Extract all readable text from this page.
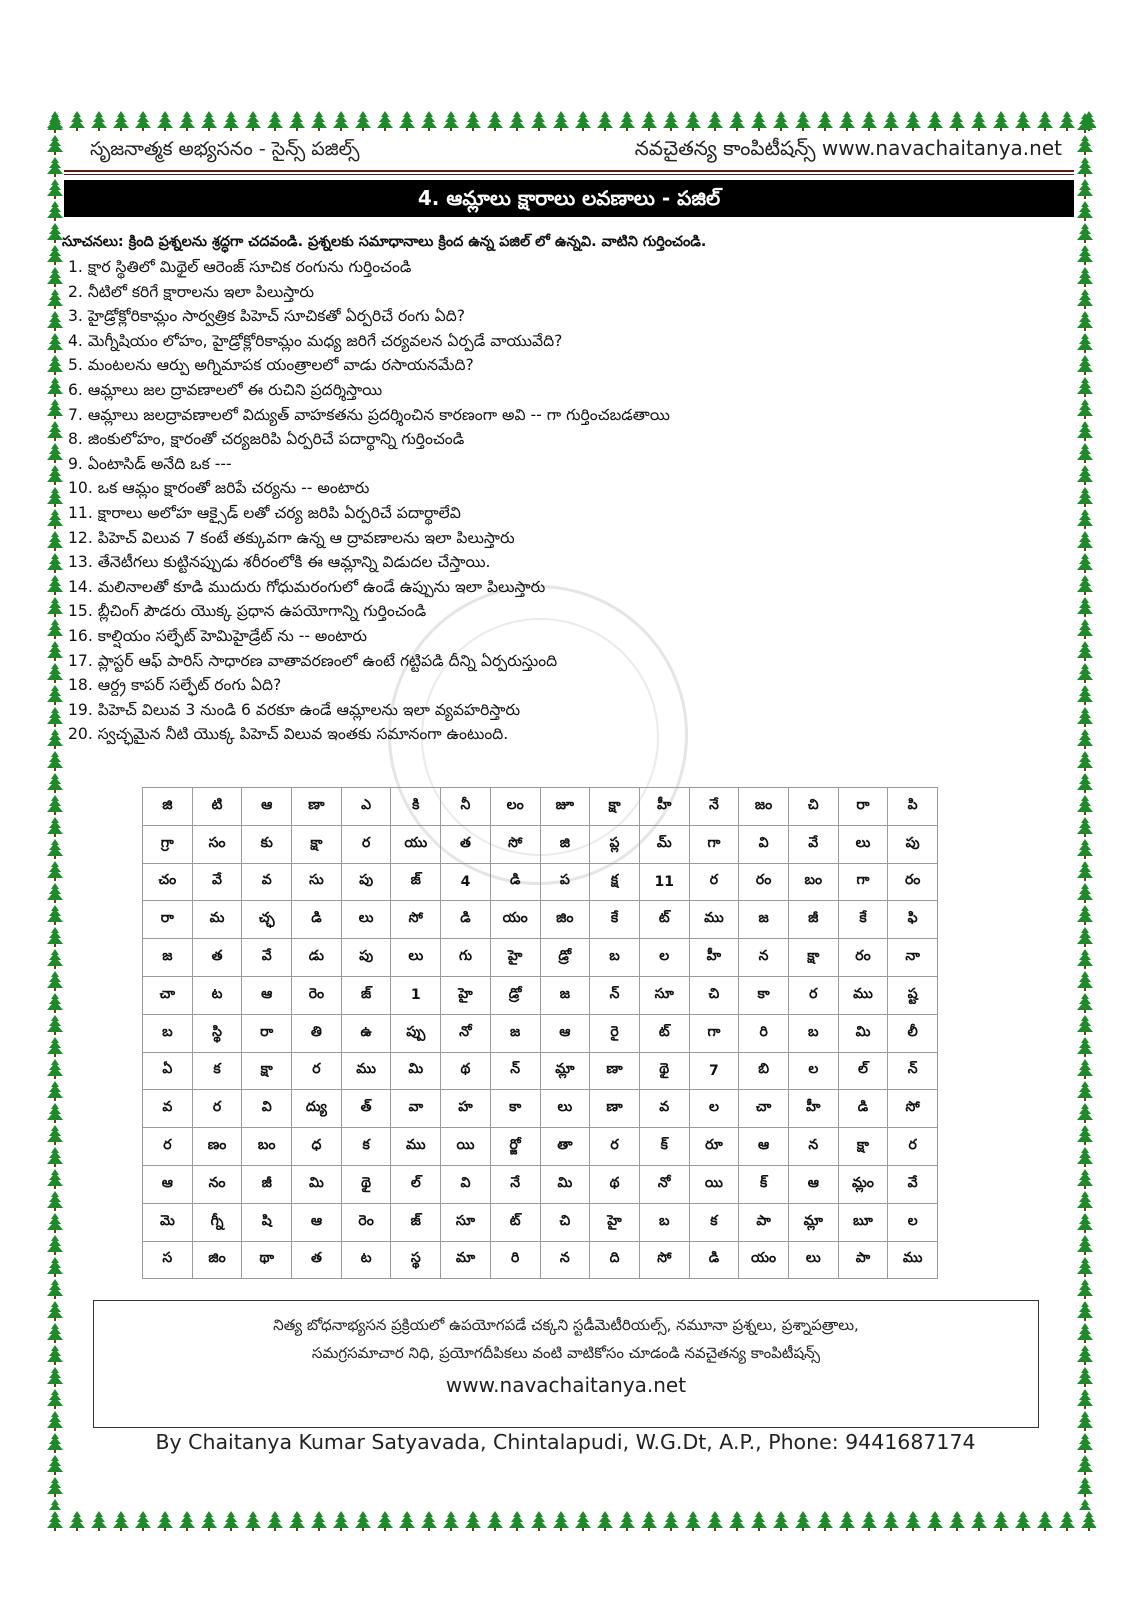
సృజనాత్మక అభ్యసనం - సైన్స్ పజిల్స్	నవచైతన్య కాంపిటీషన్స్ www.navachaitanya.net
4. ఆమ్లాలు క్షారాలు లవణాలు - పజిల్
సూచనలు: క్రింది ప్రశ్నలను శ్రద్ధగా చదవండి. ప్రశ్నలకు సమాధానాలు క్రింద ఉన్న పజిల్ లో ఉన్నవి. వాటిని గుర్తించండి.
1. క్షార స్థితిలో మిథైల్ ఆరెంజ్ సూచిక రంగును గుర్తించండి
2. నీటిలో కరిగే క్షారాలను ఇలా పిలుస్తారు
3. హైడ్రోక్లోరికామ్లం సార్వత్రిక పిహెచ్ సూచికతో ఏర్పరిచే రంగు ఏది?
4. మెగ్నీషియం లోహం, హైడ్రోక్లోరికామ్లం మధ్య జరిగే చర్యవలన ఏర్పడే వాయువేది?
5. మంటలను ఆర్పు అగ్నిమాపక యంత్రాలలో వాడు రసాయనమేది?
6. ఆమ్లాలు జల ద్రావణాలలో ఈ రుచిని ప్రదర్శిస్తాయి
7. ఆమ్లాలు జలద్రావణాలలో విద్యుత్ వాహకతను ప్రదర్శించిన కారణంగా అవి -- గా గుర్తించబడతాయి
8. జింకులోహం, క్షారంతో చర్యజరిపి ఏర్పరిచే పదార్థాన్ని గుర్తించండి
9. ఏంటాసిడ్ అనేది ఒక ---
10. ఒక ఆమ్లం క్షారంతో జరిపే చర్యను -- అంటారు
11. క్షారాలు అలోహ ఆక్సైడ్ లతో చర్య జరిపి ఏర్పరిచే పదార్థాలేవి
12. పిహెచ్ విలువ 7 కంటే తక్కువగా ఉన్న ఆ ద్రావణాలను ఇలా పిలుస్తారు
13. తేనెటీగలు కుట్టినప్పుడు శరీరంలోకి ఈ ఆమ్లాన్ని విడుదల చేస్తాయి.
14. మలినాలతో కూడి ముదురు గోధుమరంగులో ఉండే ఉప్పును ఇలా పిలుస్తారు
15. బ్లీచింగ్ పౌడరు యొక్క ప్రధాన ఉపయోగాన్ని గుర్తించండి
16. కాల్షియం సల్ఫేట్ హెమిహైడ్రేట్ ను -- అంటారు
17. ప్లాస్టర్ ఆఫ్ పారిస్ సాధారణ వాతావరణంలో ఉంటే గట్టిపడి దీన్ని ఏర్పరుస్తుంది
18. ఆర్ద్ర కాపర్ సల్ఫేట్ రంగు ఏది?
19. పిహెచ్ విలువ 3 నుండి 6 వరకూ ఉండే ఆమ్లాలను ఇలా వ్యవహరిస్తారు
20. స్వచ్ఛమైన నీటి యొక్క పిహెచ్ విలువ ఇంతకు సమానంగా ఉంటుంది.
జి	టి	ఆ	ణా	ఎ	కి	నీ	లం	జూ	క్షా	హీ	నే	జం	చి	రా	పి
గ్రా	సం	కు	క్షా	ర	యు	త	సో	జి	ప్ల	మ్	గా	వి	వే	లు	పు
చం	వే	వ	సు	పు	జ్	4	డి	ప	క్ష	11	ర	రం	బం	గా	రం
రా	మ	చ్ఛ	డి	లు	సో	డి	యం	జిం	కే	ట్	ము	జ	జీ	కే	ఫి
జ	త	వే	డు	పు	లు	గు	హై	డ్రో	బ	ల	హీ	న	క్షా	రం	నా
చా	ట	ఆ	రెం	జ్	1	హై	డ్రో	జ	న్	సూ	చి	కా	ర	ము	ష్ట
బ	స్థి	రా	తి	ఉ	ప్పు	నో	జ	ఆ	రై	ట్	గా	రి	బ	మి	లీ
ఏ	క	క్షా	ర	ము	మి	థ	న్	మ్లా	ణా	థై	7	బి	ల	ల్	న్
వ	ర	వి	ద్యు	త్	వా	హ	కా	లు	ణా	వ	ల	చా	హీ	డి	సో
ర	ణం	బం	ధ	క	ము	యి	ర్జో	తా	ర	క్	రూ	ఆ	న	క్షా	ర
ఆ	నం	జీ	మి	థై	ల్	వి	నే	మి	థ	నో	యి	క్	ఆ	మ్లం	వే
మె	గ్నీ	షి	ఆ	రెం	జ్	సూ	ట్	చి	హై	బ	క	పా	మ్లా	బూ	ల
స	జిం	థా	త	ట	స్థ	మా	రి	న	ది	సో	డి	యం	లు	పా	ము
నిత్య బోధనాభ్యసన ప్రక్రియలో ఉపయోగపడే చక్కని స్టడీమెటీరియల్స్, నమూనా ప్రశ్నలు, ప్రశ్నాపత్రాలు,
సమగ్రసమాచార నిధి, ప్రయోగదీపికలు వంటి వాటికోసం చూడండి నవచైతన్య కాంపిటీషన్స్
www.navachaitanya.net
By Chaitanya Kumar Satyavada, Chintalapudi, W.G.Dt, A.P., Phone: 9441687174
